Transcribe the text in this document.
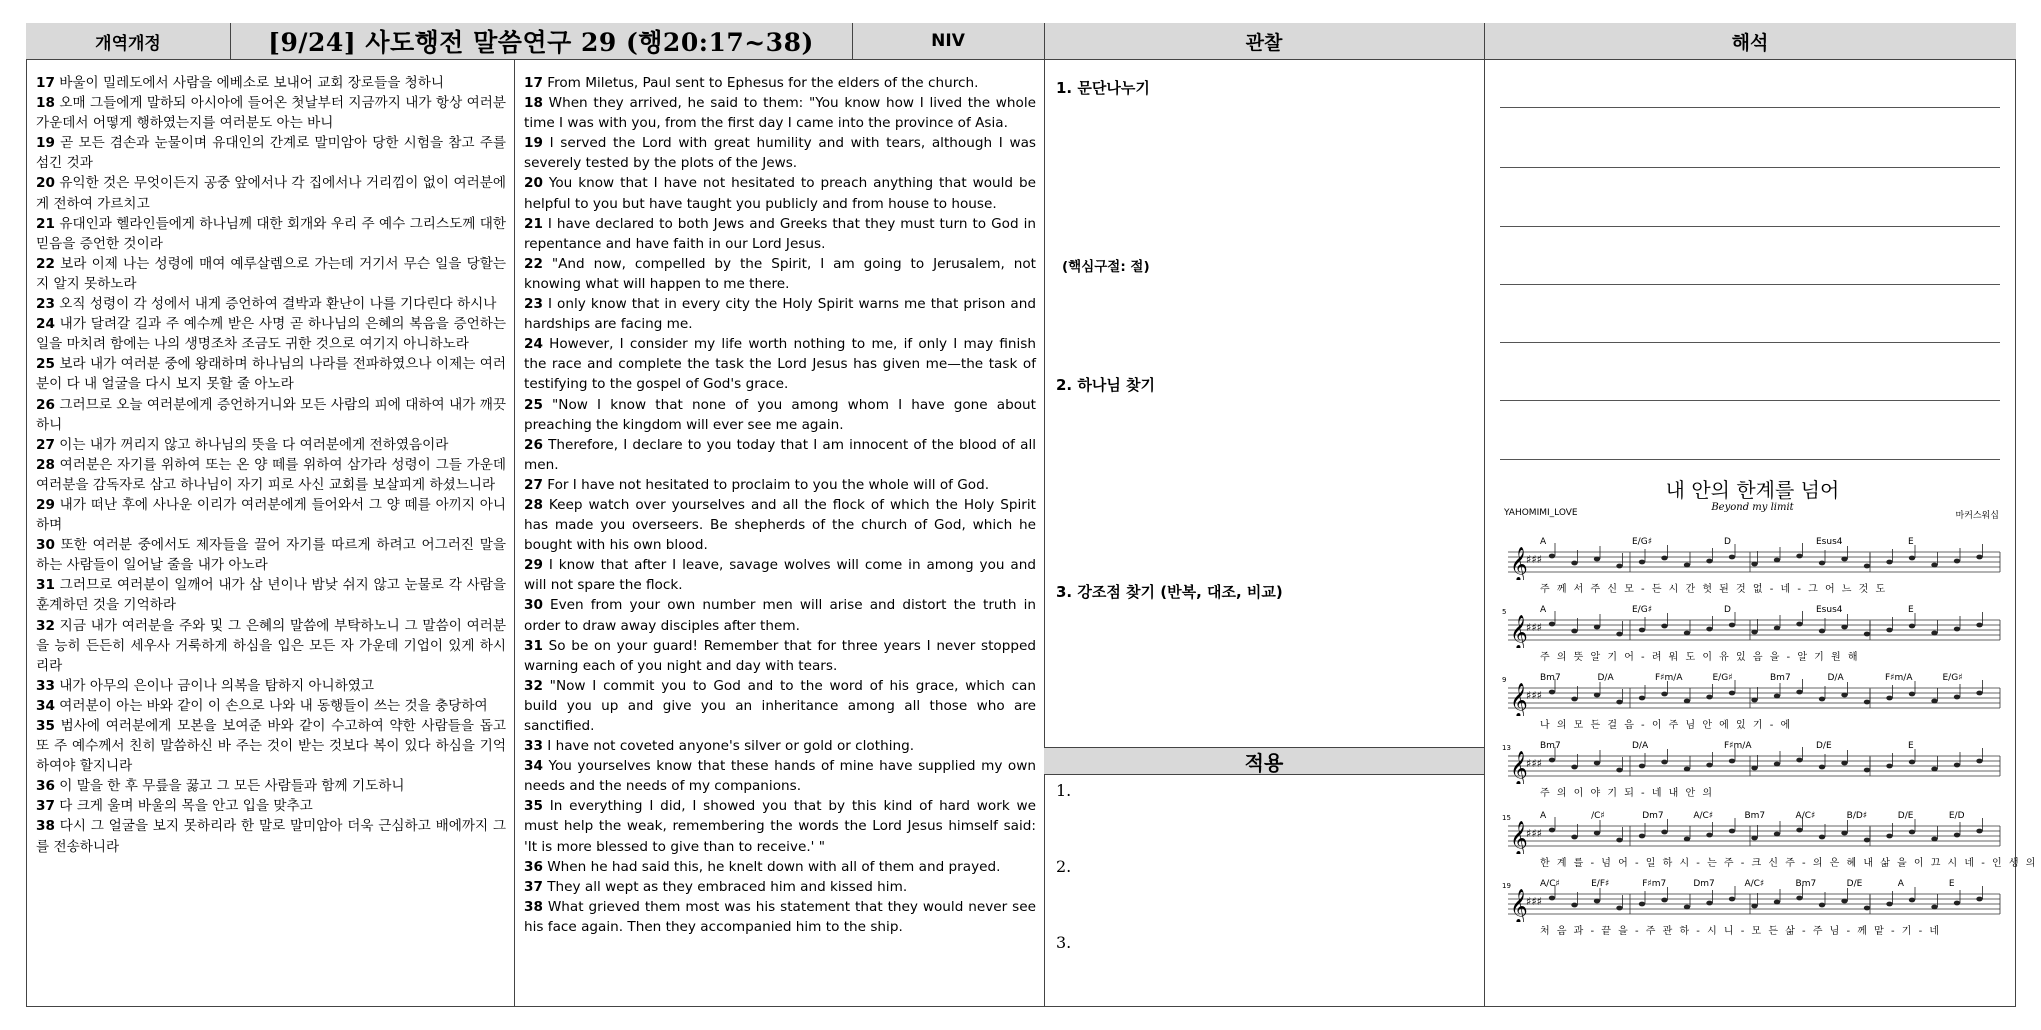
개역개정	[9/24] 사도행전 말씀연구 29 (행20:17~38)	NIV	관찰	해석

17 바울이 밀레도에서 사람을 에베소로 보내어 교회 장로들을 청하니

18 오매 그들에게 말하되 아시아에 들어온 첫날부터 지금까지 내가 항상 여러분 가운데서 어떻게 행하였는지를 여러분도 아는 바니

19 곧 모든 겸손과 눈물이며 유대인의 간계로 말미암아 당한 시험을 참고 주를 섬긴 것과

20 유익한 것은 무엇이든지 공중 앞에서나 각 집에서나 거리낌이 없이 여러분에게 전하여 가르치고

21 유대인과 헬라인들에게 하나님께 대한 회개와 우리 주 예수 그리스도께 대한 믿음을 증언한 것이라

22 보라 이제 나는 성령에 매여 예루살렘으로 가는데 거기서 무슨 일을 당할는지 알지 못하노라

23 오직 성령이 각 성에서 내게 증언하여 결박과 환난이 나를 기다린다 하시나

24 내가 달려갈 길과 주 예수께 받은 사명 곧 하나님의 은혜의 복음을 증언하는 일을 마치려 함에는 나의 생명조차 조금도 귀한 것으로 여기지 아니하노라

25 보라 내가 여러분 중에 왕래하며 하나님의 나라를 전파하였으나 이제는 여러분이 다 내 얼굴을 다시 보지 못할 줄 아노라

26 그러므로 오늘 여러분에게 증언하거니와 모든 사람의 피에 대하여 내가 깨끗하니

27 이는 내가 꺼리지 않고 하나님의 뜻을 다 여러분에게 전하였음이라

28 여러분은 자기를 위하여 또는 온 양 떼를 위하여 삼가라 성령이 그들 가운데 여러분을 감독자로 삼고 하나님이 자기 피로 사신 교회를 보살피게 하셨느니라

29 내가 떠난 후에 사나운 이리가 여러분에게 들어와서 그 양 떼를 아끼지 아니하며

30 또한 여러분 중에서도 제자들을 끌어 자기를 따르게 하려고 어그러진 말을 하는 사람들이 일어날 줄을 내가 아노라

31 그러므로 여러분이 일깨어 내가 삼 년이나 밤낮 쉬지 않고 눈물로 각 사람을 훈계하던 것을 기억하라

32 지금 내가 여러분을 주와 및 그 은혜의 말씀에 부탁하노니 그 말씀이 여러분을 능히 든든히 세우사 거룩하게 하심을 입은 모든 자 가운데 기업이 있게 하시리라

33 내가 아무의 은이나 금이나 의복을 탐하지 아니하였고

34 여러분이 아는 바와 같이 이 손으로 나와 내 동행들이 쓰는 것을 충당하여

35 범사에 여러분에게 모본을 보여준 바와 같이 수고하여 약한 사람들을 돕고 또 주 예수께서 친히 말씀하신 바 주는 것이 받는 것보다 복이 있다 하심을 기억하여야 할지니라

36 이 말을 한 후 무릎을 꿇고 그 모든 사람들과 함께 기도하니

37 다 크게 울며 바울의 목을 안고 입을 맞추고

38 다시 그 얼굴을 보지 못하리라 한 말로 말미암아 더욱 근심하고 배에까지 그를 전송하니라

17 From Miletus, Paul sent to Ephesus for the elders of the church.

18 When they arrived, he said to them: "You know how I lived the whole time I was with you, from the first day I came into the province of Asia.

19 I served the Lord with great humility and with tears, although I was severely tested by the plots of the Jews.

20 You know that I have not hesitated to preach anything that would be helpful to you but have taught you publicly and from house to house.

21 I have declared to both Jews and Greeks that they must turn to God in repentance and have faith in our Lord Jesus.

22 "And now, compelled by the Spirit, I am going to Jerusalem, not knowing what will happen to me there.

23 I only know that in every city the Holy Spirit warns me that prison and hardships are facing me.

24 However, I consider my life worth nothing to me, if only I may finish the race and complete the task the Lord Jesus has given me—the task of testifying to the gospel of God's grace.

25 "Now I know that none of you among whom I have gone about preaching the kingdom will ever see me again.

26 Therefore, I declare to you today that I am innocent of the blood of all men.

27 For I have not hesitated to proclaim to you the whole will of God.

28 Keep watch over yourselves and all the flock of which the Holy Spirit has made you overseers. Be shepherds of the church of God, which he bought with his own blood.

29 I know that after I leave, savage wolves will come in among you and will not spare the flock.

30 Even from your own number men will arise and distort the truth in order to draw away disciples after them.

31 So be on your guard! Remember that for three years I never stopped warning each of you night and day with tears.

32 "Now I commit you to God and to the word of his grace, which can build you up and give you an inheritance among all those who are sanctified.

33 I have not coveted anyone's silver or gold or clothing.

34 You yourselves know that these hands of mine have supplied my own needs and the needs of my companions.

35 In everything I did, I showed you that by this kind of hard work we must help the weak, remembering the words the Lord Jesus himself said: 'It is more blessed to give than to receive.' "

36 When he had said this, he knelt down with all of them and prayed.

37 They all wept as they embraced him and kissed him.

38 What grieved them most was his statement that they would never see his face again. Then they accompanied him to the ship.

1. 문단나누기
(핵심구절: 절)
2. 하나님 찾기
3. 강조점 찾기 (반복, 대조, 비교)
적용
1.
2.
3.
내 안의 한계를 넘어
Beyond my limit
YAHOMIMI_LOVE	마커스워십
𝄞
♯♯♯
A	E/G♯	D	Esus4	E
주 께 서 주 신 모 - 든 시 간 헛 된 것 없 - 네 - 그 어 느 것 도
𝄞
♯♯♯
5	A	E/G♯	D	Esus4	E
주 의 뜻 알 기 어 - 려 워 도 이 유 있 음 을 - 알 기 원 해
𝄞
♯♯♯
9	Bm7	D/A	F♯m/A	E/G♯	Bm7	D/A	F♯m/A	E/G♯
나 의 모 든 걸 음 - 이 주 님 안 에 있 기 - 에
𝄞
♯♯♯
13	Bm7	D/A	F♯m/A	D/E	E
주 의 이 야 기 되 - 네 내 안 의
𝄞
♯♯♯
15	A	/C♯	Dm7	A/C♯	Bm7	A/C♯	B/D♯	D/E	E/D
한 계 를 - 넘 어 - 일 하 시 - 는 주 - 크 신 주 - 의 은 혜 내 삶 을 이 끄 시 네 - 인 생 의
𝄞
♯♯♯
19	A/C♯	E/F♯	F♯m7	Dm7	A/C♯	Bm7	D/E	A	E
처 음 과 - 끝 을 - 주 관 하 - 시 니 - 모 든 삶 - 주 님 - 께 맡 - 기 - 네
